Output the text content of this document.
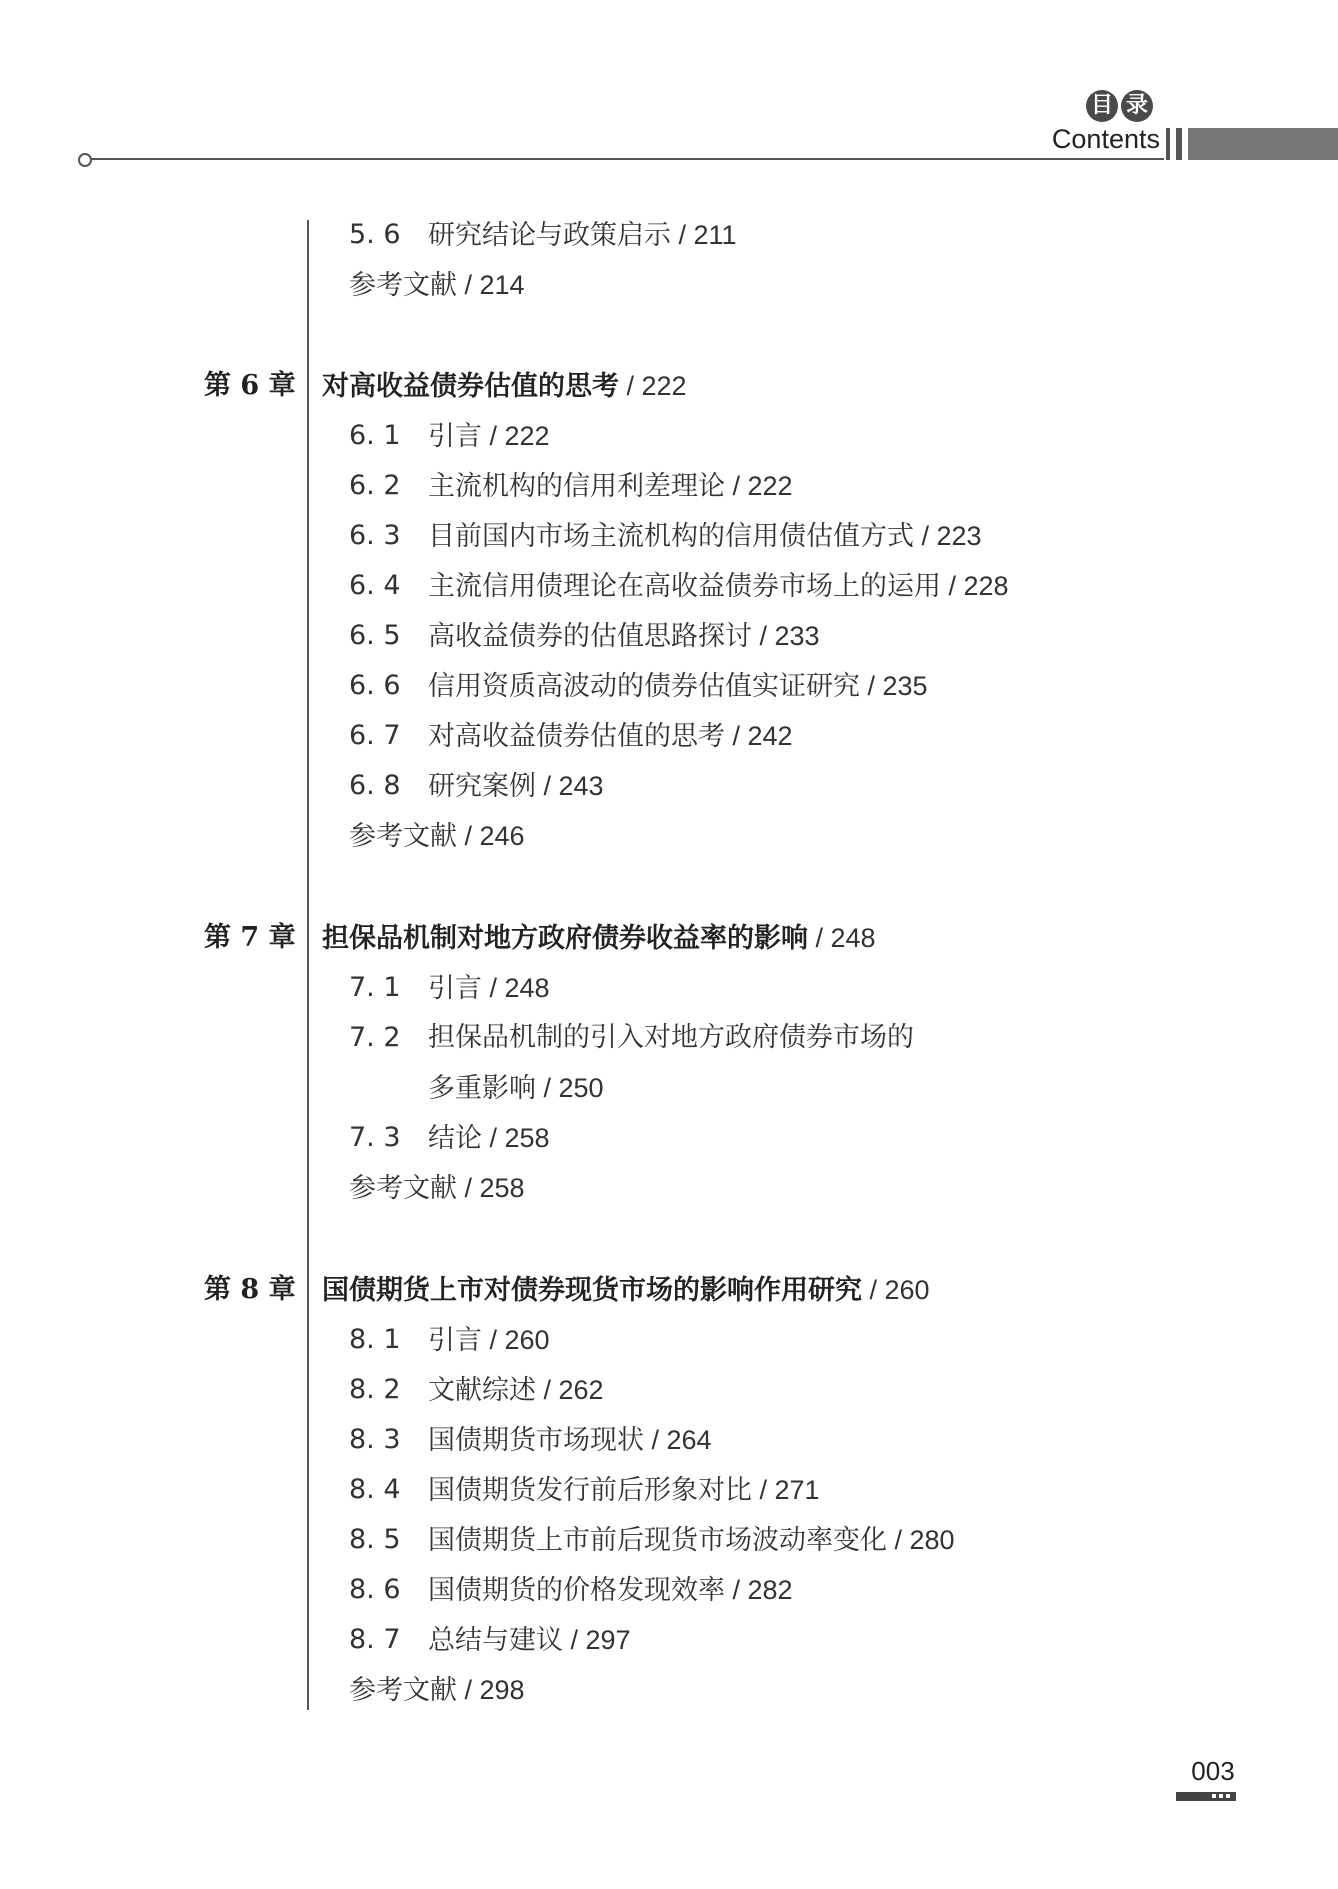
目 录
Contents
5. 6 研究结论与政策启示 / 211
参考文献 / 214
第 6 章 对高收益债券估值的思考 / 222
6. 1 引言 / 222
6. 2 主流机构的信用利差理论 / 222
6. 3 目前国内市场主流机构的信用债估值方式 / 223
6. 4 主流信用债理论在高收益债券市场上的运用 / 228
6. 5 高收益债券的估值思路探讨 / 233
6. 6 信用资质高波动的债券估值实证研究 / 235
6. 7 对高收益债券估值的思考 / 242
6. 8 研究案例 / 243
参考文献 / 246
第 7 章 担保品机制对地方政府债券收益率的影响 / 248
7. 1 引言 / 248
7. 2 担保品机制的引入对地方政府债券市场的
多重影响 / 250
7. 3 结论 / 258
参考文献 / 258
第 8 章 国债期货上市对债券现货市场的影响作用研究 / 260
8. 1 引言 / 260
8. 2 文献综述 / 262
8. 3 国债期货市场现状 / 264
8. 4 国债期货发行前后形象对比 / 271
8. 5 国债期货上市前后现货市场波动率变化 / 280
8. 6 国债期货的价格发现效率 / 282
8. 7 总结与建议 / 297
参考文献 / 298
003
